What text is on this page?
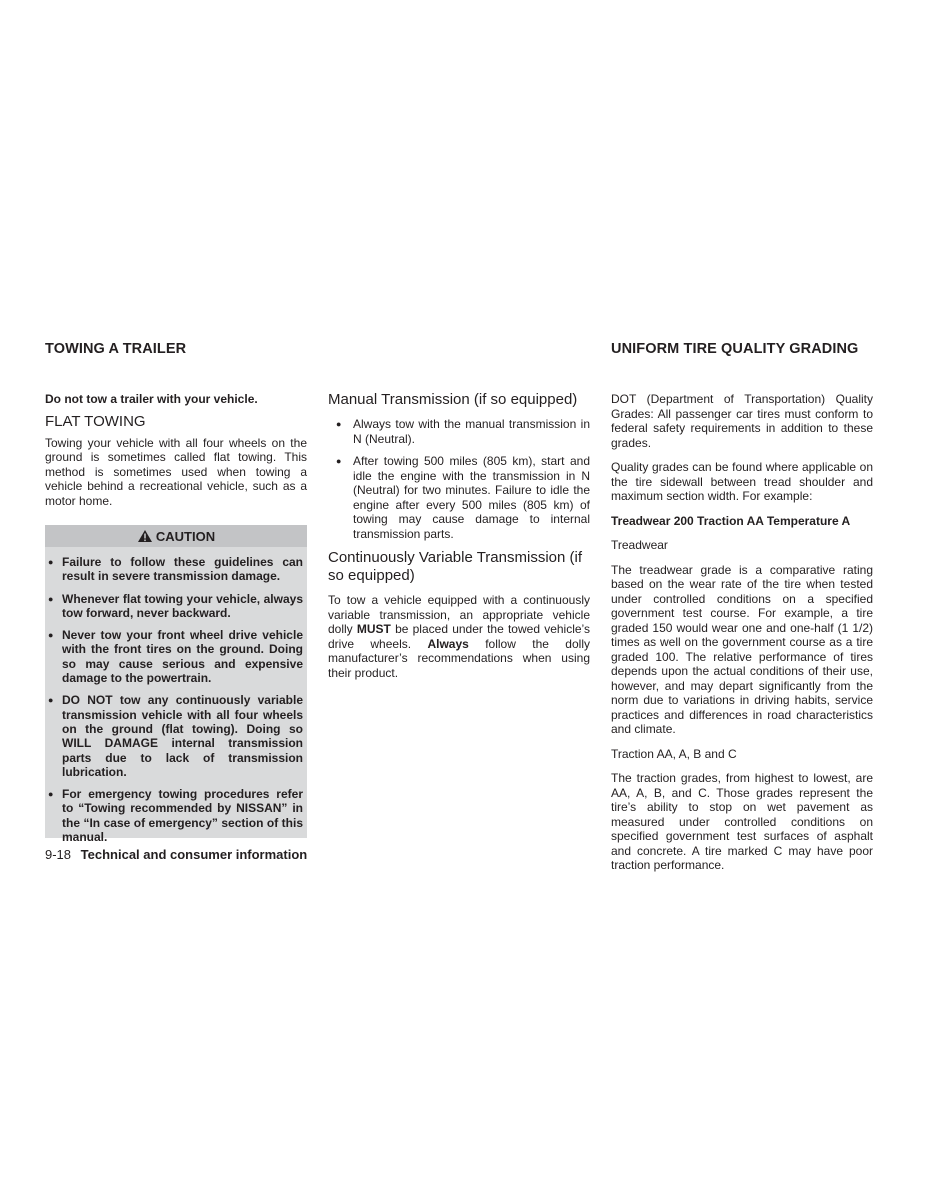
TOWING A TRAILER	UNIFORM TIRE QUALITY GRADING

Do not tow a trailer with your vehicle.

FLAT TOWING

Towing your vehicle with all four wheels on the ground is sometimes called flat towing. This method is sometimes used when towing a vehicle behind a recreational vehicle, such as a motor home.

CAUTION
● Failure to follow these guidelines can result in severe transmission damage.
● Whenever flat towing your vehicle, always tow forward, never backward.
● Never tow your front wheel drive vehicle with the front tires on the ground. Doing so may cause serious and expensive damage to the powertrain.
● DO NOT tow any continuously variable transmission vehicle with all four wheels on the ground (flat towing). Doing so WILL DAMAGE internal transmission parts due to lack of transmission lubrication.
● For emergency towing procedures refer to “Towing recommended by NISSAN” in the “In case of emergency” section of this manual.
Manual Transmission (if so equipped)
● Always tow with the manual transmission in N (Neutral).
● After towing 500 miles (805 km), start and idle the engine with the transmission in N (Neutral) for two minutes. Failure to idle the engine after every 500 miles (805 km) of towing may cause damage to internal transmission parts.
Continuously Variable Transmission (if so equipped)

To tow a vehicle equipped with a continuously variable transmission, an appropriate vehicle dolly MUST be placed under the towed vehicle’s drive wheels. Always follow the dolly manufacturer’s recommendations when using their product.

DOT (Department of Transportation) Quality Grades: All passenger car tires must conform to federal safety requirements in addition to these grades.

Quality grades can be found where applicable on the tire sidewall between tread shoulder and maximum section width. For example:

Treadwear 200 Traction AA Temperature A

Treadwear

The treadwear grade is a comparative rating based on the wear rate of the tire when tested under controlled conditions on a specified government test course. For example, a tire graded 150 would wear one and one-half (1 1/2) times as well on the government course as a tire graded 100. The relative performance of tires depends upon the actual conditions of their use, however, and may depart significantly from the norm due to variations in driving habits, service practices and differences in road characteristics and climate.

Traction AA, A, B and C

The traction grades, from highest to lowest, are AA, A, B, and C. Those grades represent the tire’s ability to stop on wet pavement as measured under controlled conditions on specified government test surfaces of asphalt and concrete. A tire marked C may have poor traction performance.

9-18 Technical and consumer information
